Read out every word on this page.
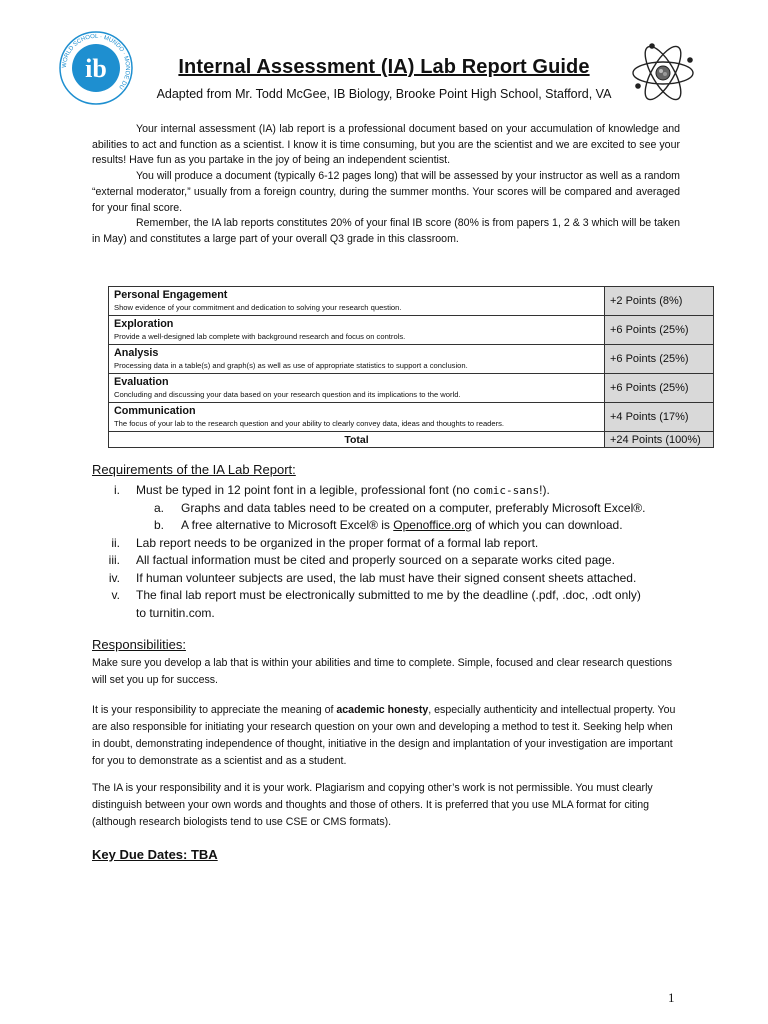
WORLD SCHOOL · MUNDO · MONDE DU
ib	Internal Assessment (IA) Lab Report Guide
Adapted from Mr. Todd McGee, IB Biology, Brooke Point High School, Stafford, VA

Your internal assessment (IA) lab report is a professional document based on your accumulation of knowledge and abilities to act and function as a scientist. I know it is time consuming, but you are the scientist and we are excited to see your results! Have fun as you partake in the joy of being an independent scientist.

You will produce a document (typically 6-12 pages long) that will be assessed by your instructor as well as a random “external moderator,” usually from a foreign country, during the summer months. Your scores will be compared and averaged for your final score.

Remember, the IA lab reports constitutes 20% of your final IB score (80% is from papers 1, 2 & 3 which will be taken in May) and constitutes a large part of your overall Q3 grade in this classroom.

Personal Engagement
Show evidence of your commitment and dedication to solving your research question.	+2 Points (8%)

Exploration
Provide a well-designed lab complete with background research and focus on controls.	+6 Points (25%)

Analysis
Processing data in a table(s) and graph(s) as well as use of appropriate statistics to support a conclusion.	+6 Points (25%)

Evaluation
Concluding and discussing your data based on your research question and its implications to the world.	+6 Points (25%)

Communication
The focus of your lab to the research question and your ability to clearly convey data, ideas and thoughts to readers.	+4 Points (17%)
Total	+24 Points (100%)
Requirements of the IA Lab Report:
i. Must be typed in 12 point font in a legible, professional font (no comic-sans!).
a. Graphs and data tables need to be created on a computer, preferably Microsoft Excel®.
b. A free alternative to Microsoft Excel® is Openoffice.org of which you can download.
ii. Lab report needs to be organized in the proper format of a formal lab report.
iii. All factual information must be cited and properly sourced on a separate works cited page.
iv. If human volunteer subjects are used, the lab must have their signed consent sheets attached.
v. The final lab report must be electronically submitted to me by the deadline (.pdf, .doc, .odt only)
to turnitin.com.
Responsibilities:

Make sure you develop a lab that is within your abilities and time to complete. Simple, focused and clear research questions will set you up for success.

It is your responsibility to appreciate the meaning of academic honesty, especially authenticity and intellectual property. You are also responsible for initiating your research question on your own and developing a method to test it. Seeking help when in doubt, demonstrating independence of thought, initiative in the design and implantation of your investigation are important for you to demonstrate as a scientist and as a student.

The IA is your responsibility and it is your work. Plagiarism and copying other’s work is not permissible. You must clearly distinguish between your own words and thoughts and those of others. It is preferred that you use MLA format for citing (although research biologists tend to use CSE or CMS formats).

Key Due Dates: TBA
1
